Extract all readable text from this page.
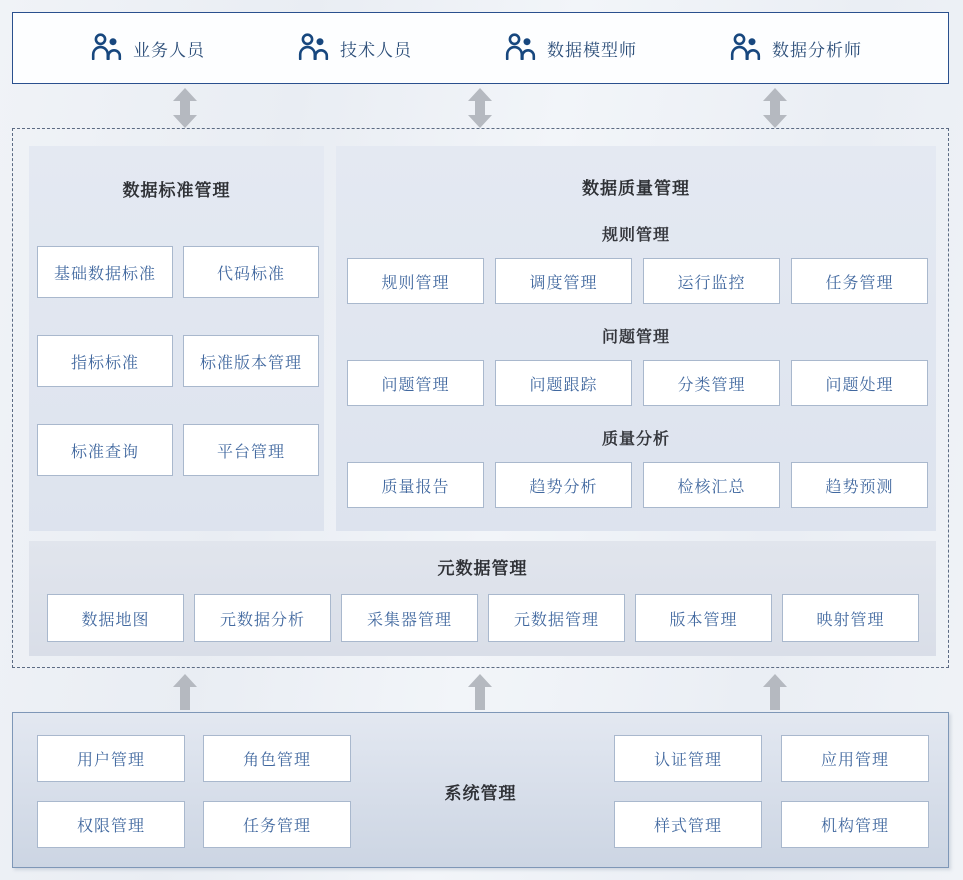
业务人员	技术人员	数据模型师	数据分析师
数据标准管理
基础数据标准	代码标准
指标标准	标准版本管理
标准查询	平台管理
数据质量管理
规则管理
规则管理	调度管理	运行监控	任务管理
问题管理
问题管理	问题跟踪	分类管理	问题处理
质量分析
质量报告	趋势分析	检核汇总	趋势预测
元数据管理
数据地图	元数据分析	采集器管理	元数据管理	版本管理	映射管理
用户管理	角色管理
权限管理	任务管理
系统管理
认证管理	应用管理
样式管理	机构管理
